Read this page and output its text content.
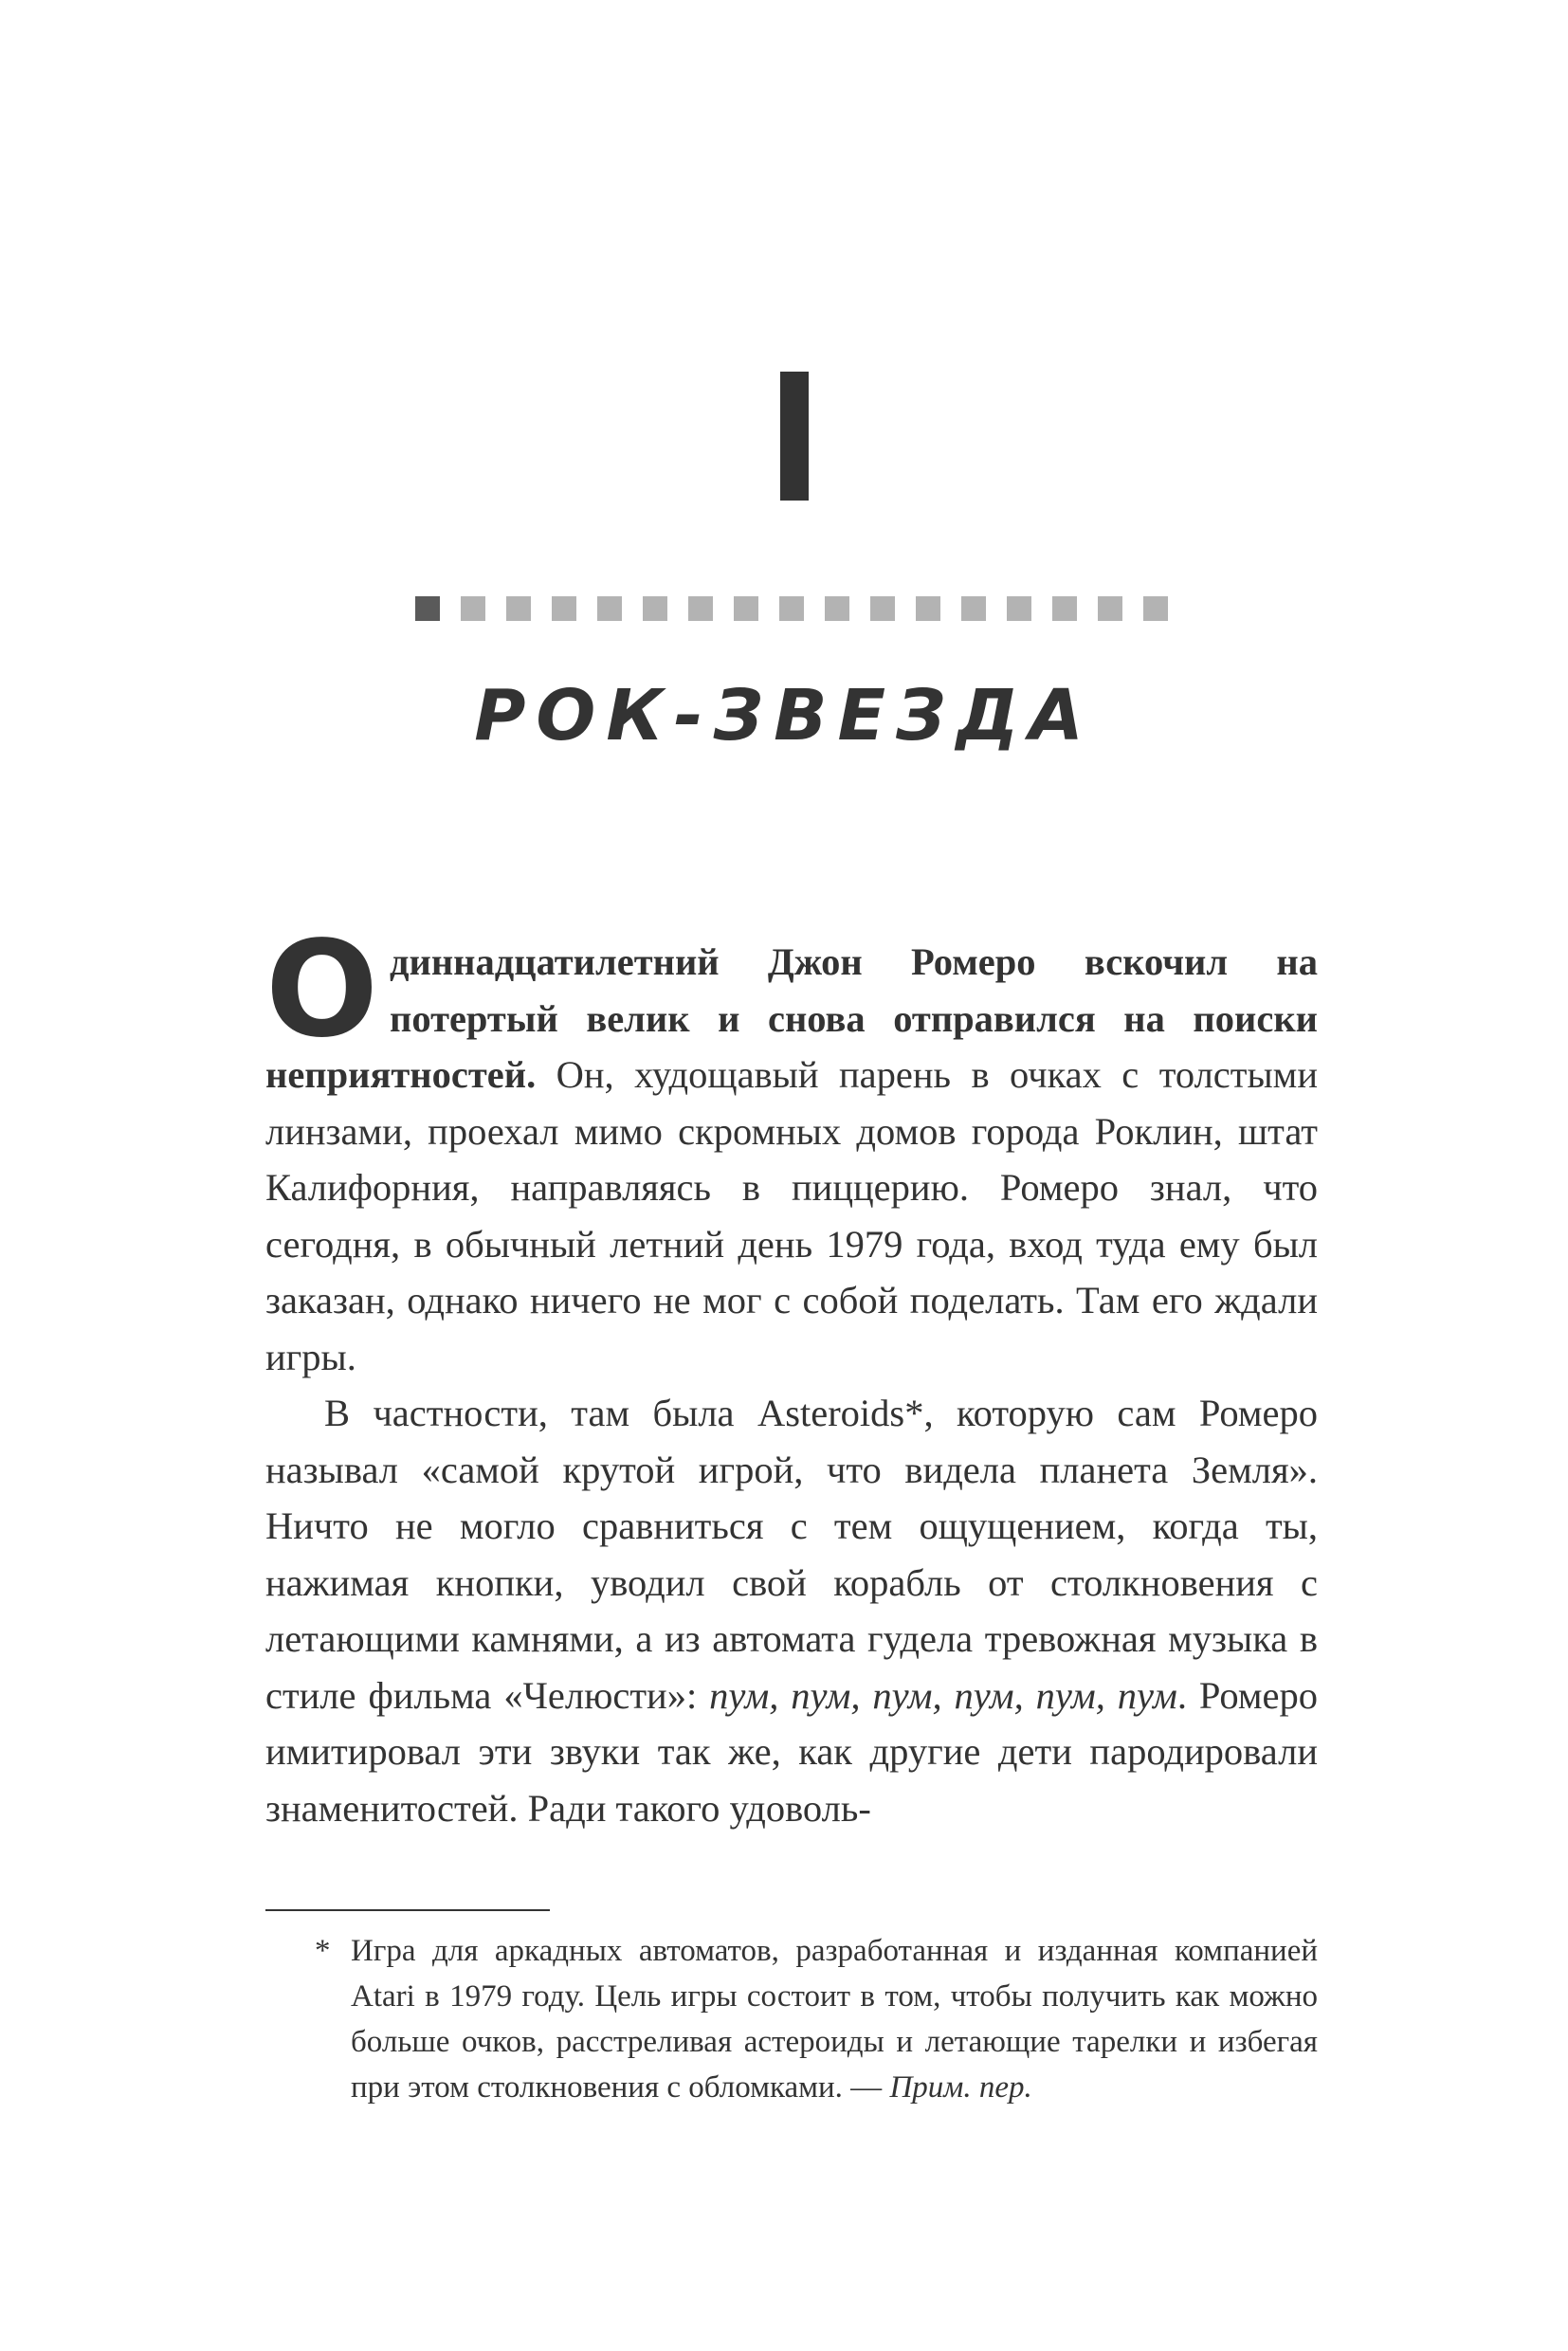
РОК-ЗВЕЗДА

Одиннадцатилетний Джон Ромеро вскочил на потертый велик и снова отправился на поиски неприятностей. Он, худощавый парень в очках с толстыми линзами, проехал мимо скромных домов города Роклин, штат Калифорния, направляясь в пиццерию. Ромеро знал, что сегодня, в обычный летний день 1979 года, вход туда ему был заказан, однако ничего не мог с собой поделать. Там его ждали игры.

В частности, там была Asteroids*, которую сам Ромеро называл «самой крутой игрой, что видела планета Земля». Ничто не могло сравниться с тем ощущением, когда ты, нажимая кнопки, уводил свой корабль от столкновения с летающими камнями, а из автомата гудела тревожная музыка в стиле фильма «Челюсти»: пум, пум, пум, пум, пум, пум. Ромеро имитировал эти звуки так же, как другие дети пародировали знаменитостей. Ради такого удоволь-

* Игра для аркадных автоматов, разработанная и изданная компанией Atari в 1979 году. Цель игры состоит в том, чтобы получить как можно больше очков, расстреливая астероиды и летающие тарелки и избегая при этом столкновения с обломками. — Прим. пер.
